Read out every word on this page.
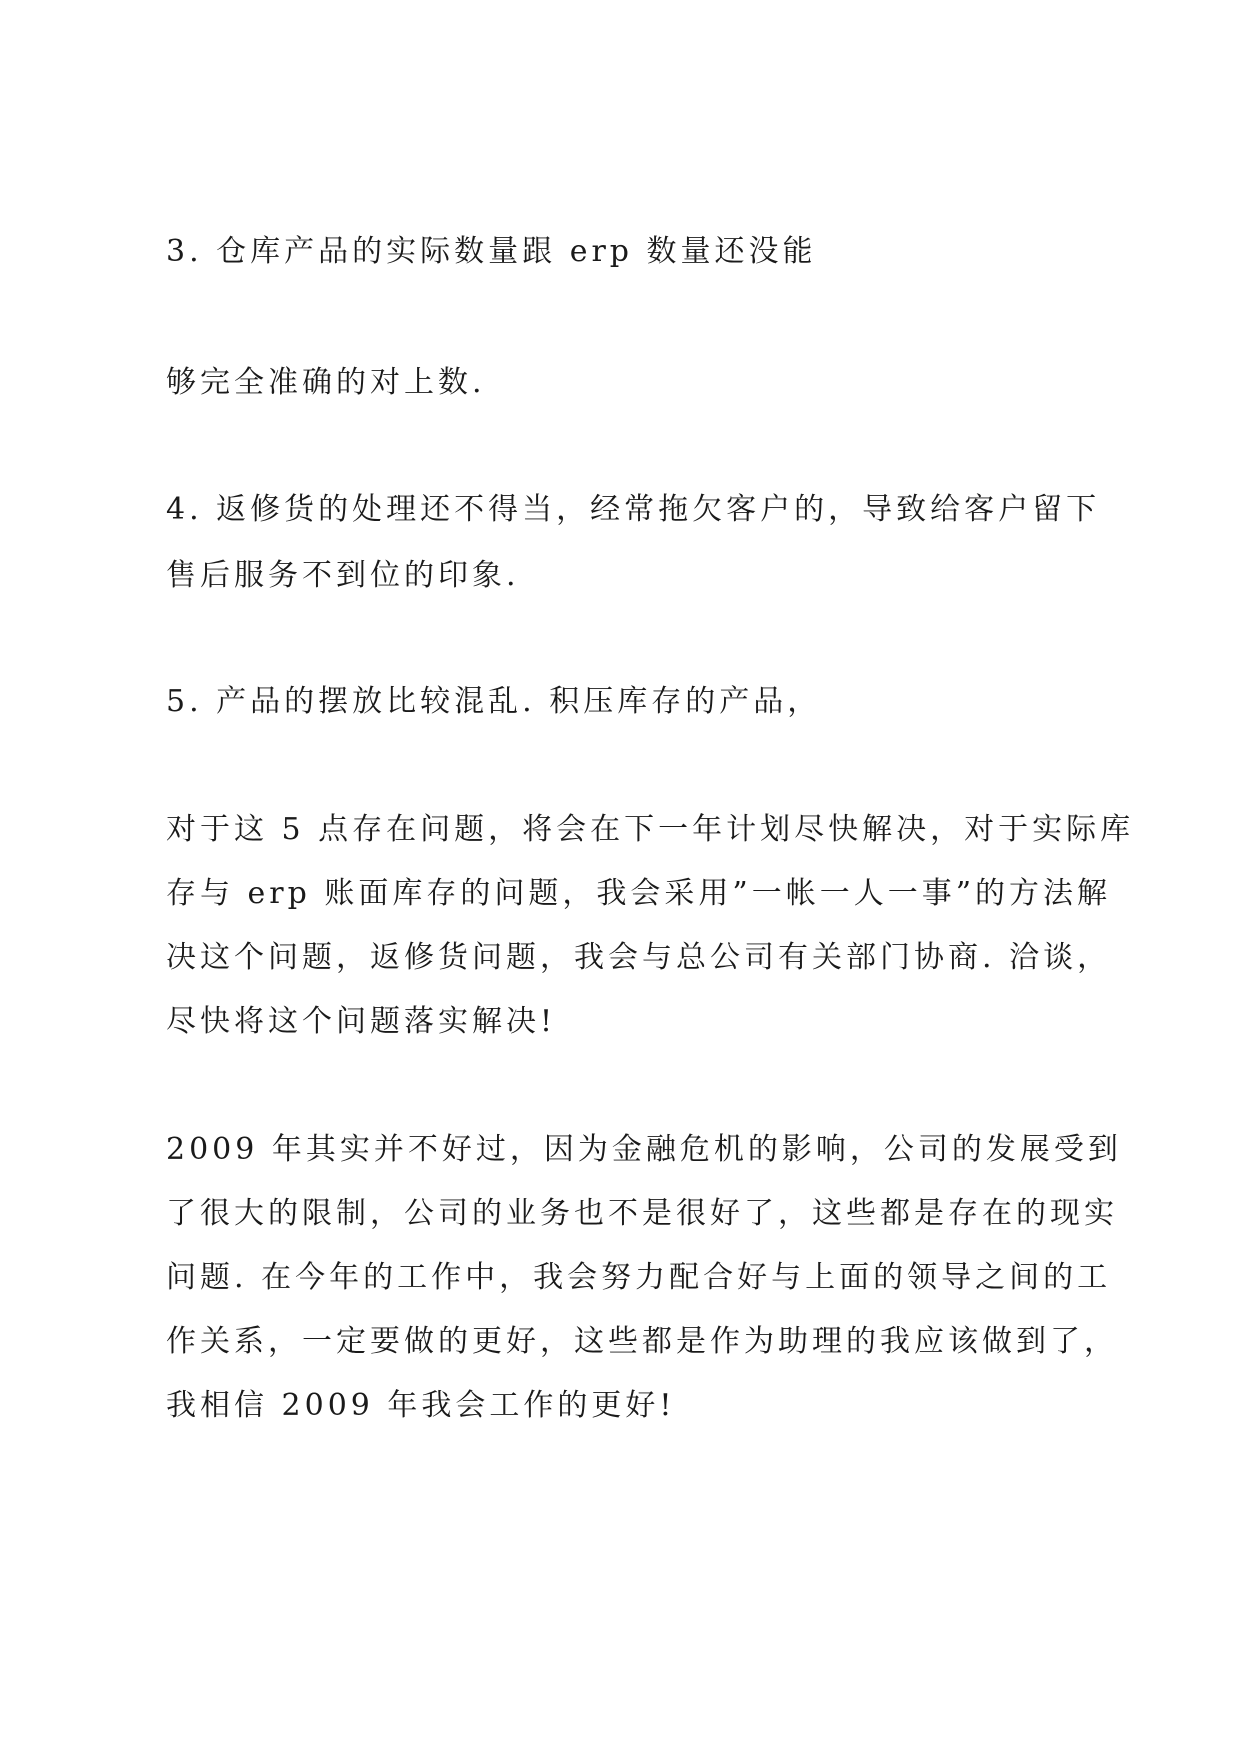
3. 仓库产品的实际数量跟 erp 数量还没能

够完全准确的对上数.

4. 返修货的处理还不得当，经常拖欠客户的，导致给客户留下

售后服务不到位的印象.

5. 产品的摆放比较混乱. 积压库存的产品，

对于这 5 点存在问题，将会在下一年计划尽快解决，对于实际库

存与 erp 账面库存的问题，我会采用”一帐一人一事”的方法解

决这个问题，返修货问题，我会与总公司有关部门协商. 洽谈，

尽快将这个问题落实解决!

2009 年其实并不好过，因为金融危机的影响，公司的发展受到

了很大的限制，公司的业务也不是很好了，这些都是存在的现实

问题. 在今年的工作中，我会努力配合好与上面的领导之间的工

作关系，一定要做的更好，这些都是作为助理的我应该做到了，

我相信 2009 年我会工作的更好!
